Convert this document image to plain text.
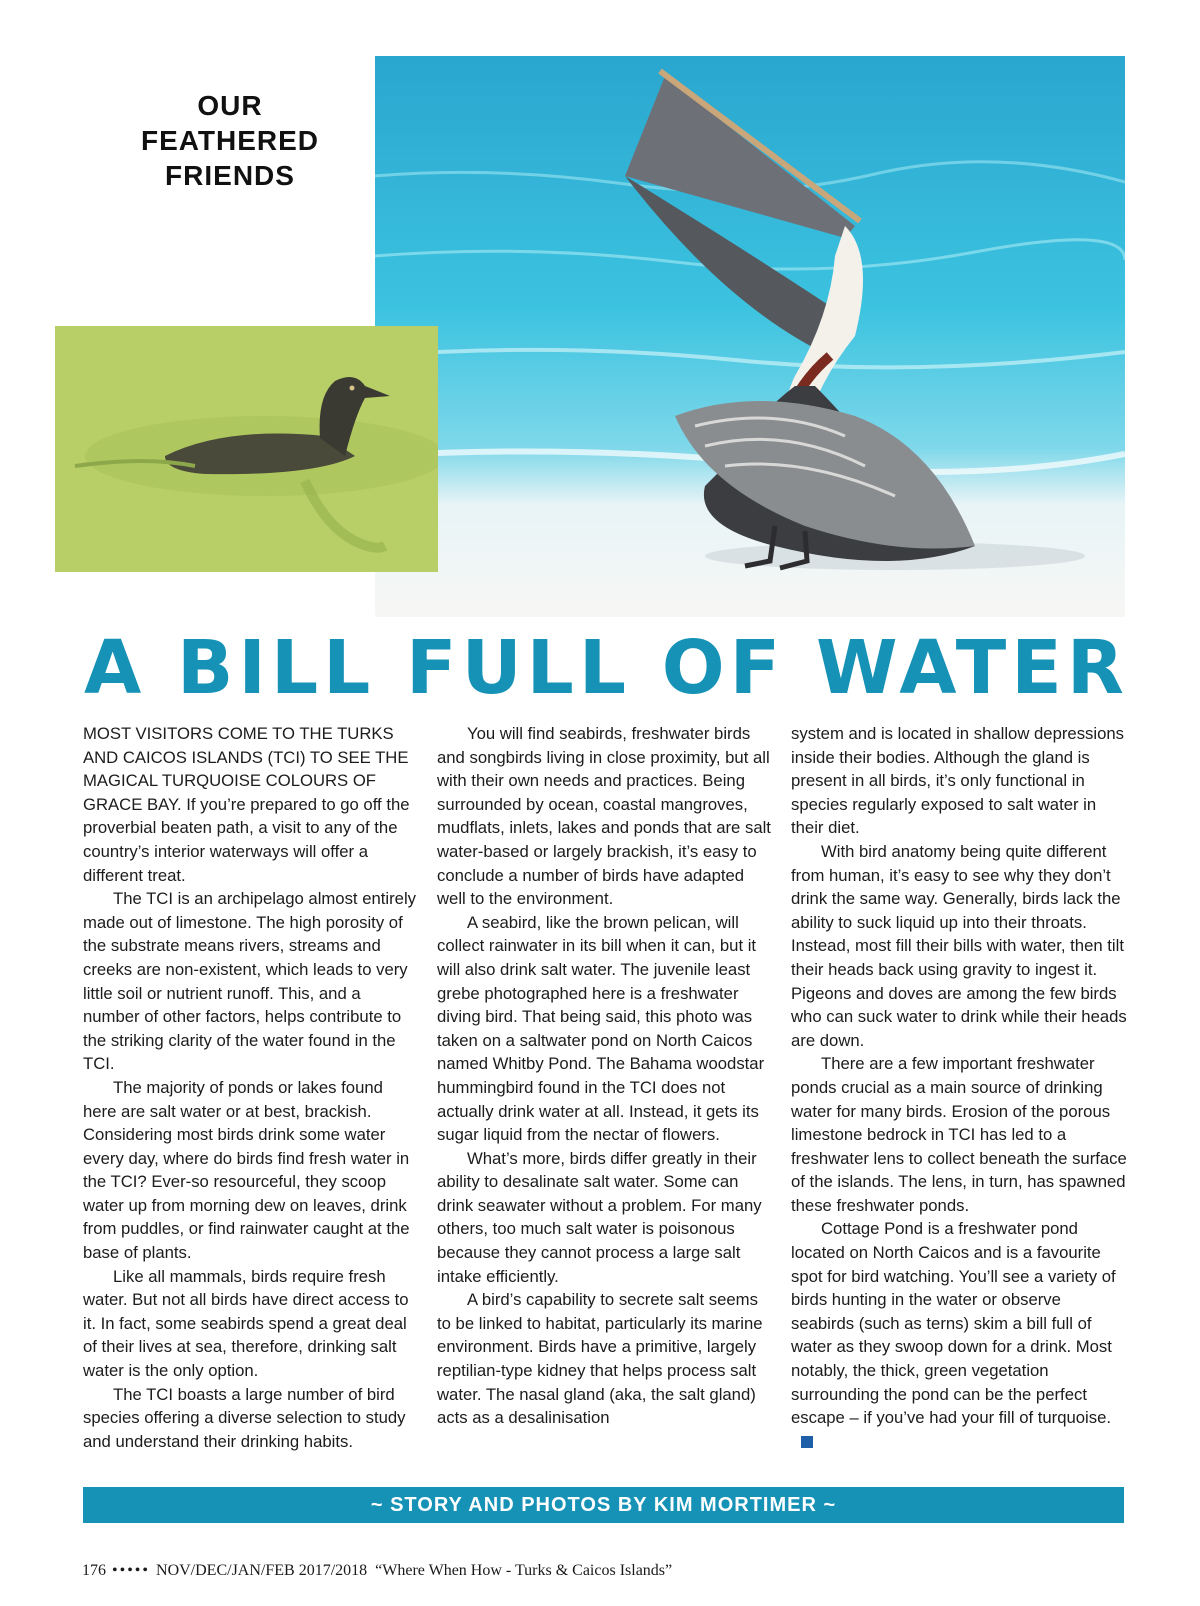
OUR
FEATHERED
FRIENDS
A BILL FULL OF WATER

MOST VISITORS COME TO THE TURKS AND CAICOS ISLANDS (TCI) TO SEE THE MAGICAL TURQUOISE COLOURS OF GRACE BAY. If you’re prepared to go off the proverbial beaten path, a visit to any of the country’s interior waterways will offer a different treat.

The TCI is an archipelago almost entirely made out of limestone. The high porosity of the substrate means rivers, streams and creeks are non-existent, which leads to very little soil or nutrient runoff. This, and a number of other factors, helps contribute to the striking clarity of the water found in the TCI.

The majority of ponds or lakes found here are salt water or at best, brackish. Considering most birds drink some water every day, where do birds find fresh water in the TCI? Ever-so resourceful, they scoop water up from morning dew on leaves, drink from puddles, or find rainwater caught at the base of plants.

Like all mammals, birds require fresh water. But not all birds have direct access to it. In fact, some seabirds spend a great deal of their lives at sea, therefore, drinking salt water is the only option.

The TCI boasts a large number of bird species offering a diverse selection to study and understand their drinking habits.

You will find seabirds, freshwater birds and songbirds living in close proximity, but all with their own needs and practices. Being surrounded by ocean, coastal mangroves, mudflats, inlets, lakes and ponds that are salt water-based or largely brackish, it’s easy to conclude a number of birds have adapted well to the environment.

A seabird, like the brown pelican, will collect rainwater in its bill when it can, but it will also drink salt water. The juvenile least grebe photographed here is a freshwater diving bird. That being said, this photo was taken on a saltwater pond on North Caicos named Whitby Pond. The Bahama woodstar hummingbird found in the TCI does not actually drink water at all. Instead, it gets its sugar liquid from the nectar of flowers.

What’s more, birds differ greatly in their ability to desalinate salt water. Some can drink seawater without a problem. For many others, too much salt water is poisonous because they cannot process a large salt intake efficiently.

A bird’s capability to secrete salt seems to be linked to habitat, particularly its marine environment. Birds have a primitive, largely reptilian-type kidney that helps process salt water. The nasal gland (aka, the salt gland) acts as a desalinisation

system and is located in shallow depressions inside their bodies. Although the gland is present in all birds, it’s only functional in species regularly exposed to salt water in their diet.

With bird anatomy being quite different from human, it’s easy to see why they don’t drink the same way. Generally, birds lack the ability to suck liquid up into their throats. Instead, most fill their bills with water, then tilt their heads back using gravity to ingest it. Pigeons and doves are among the few birds who can suck water to drink while their heads are down.

There are a few important freshwater ponds crucial as a main source of drinking water for many birds. Erosion of the porous limestone bedrock in TCI has led to a freshwater lens to collect beneath the surface of the islands. The lens, in turn, has spawned these freshwater ponds.

Cottage Pond is a freshwater pond located on North Caicos and is a favourite spot for bird watching. You’ll see a variety of birds hunting in the water or observe seabirds (such as terns) skim a bill full of water as they swoop down for a drink. Most notably, the thick, green vegetation surrounding the pond can be the perfect escape – if you’ve had your fill of turquoise.

~ STORY AND PHOTOS BY KIM MORTIMER ~
176 ••••• NOV/DEC/JAN/FEB 2017/2018 “Where When How - Turks & Caicos Islands”
